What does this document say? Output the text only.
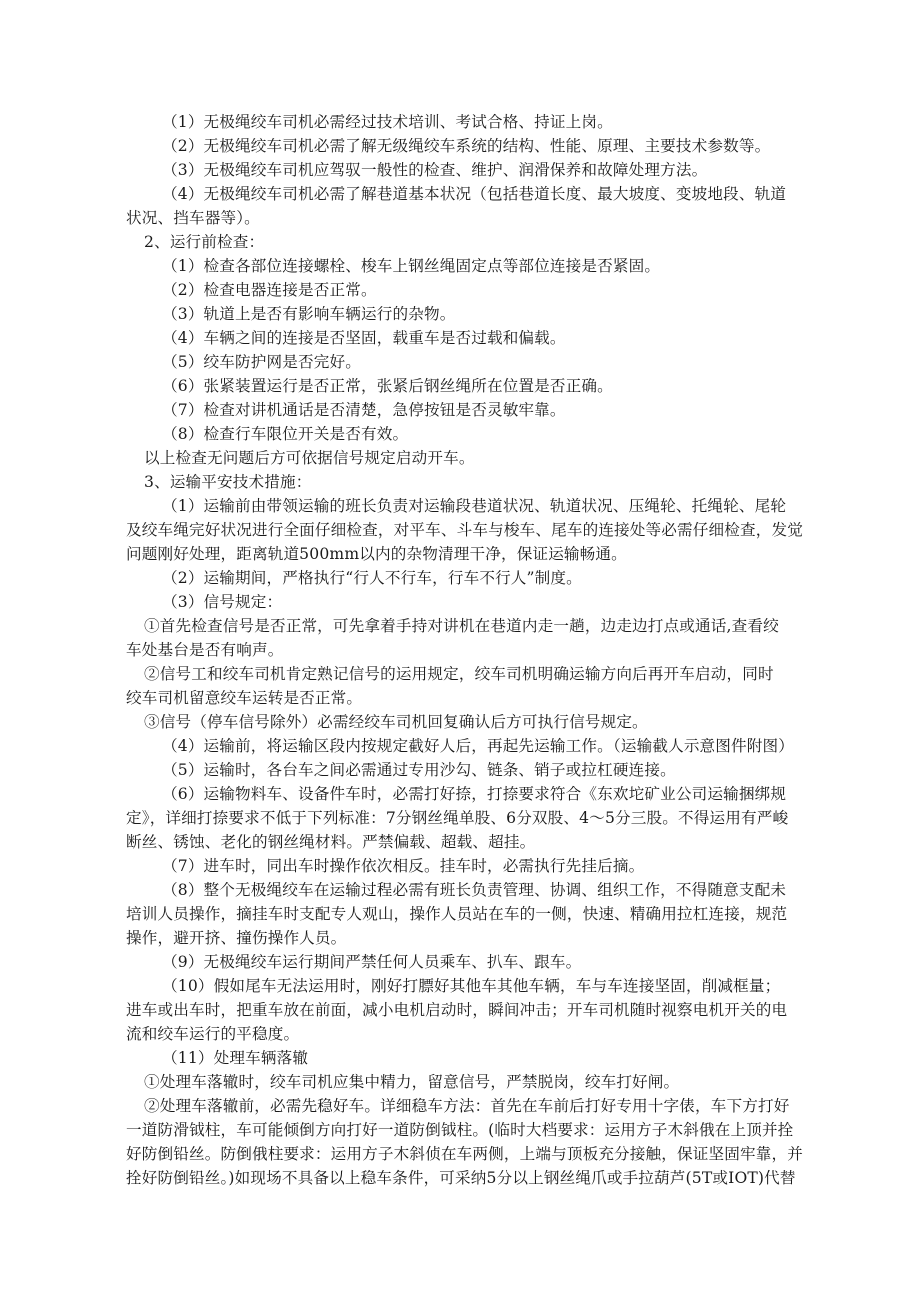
（1）无极绳绞车司机必需经过技术培训、考试合格、持证上岗。
（2）无极绳绞车司机必需了解无级绳绞车系统的结构、性能、原理、主要技术参数等。
（3）无极绳绞车司机应驾驭一般性的检查、维护、润滑保养和故障处理方法。
（4）无极绳绞车司机必需了解巷道基本状况（包括巷道长度、最大坡度、变坡地段、轨道
状况、挡车器等）。
2、运行前检查：
（1）检查各部位连接螺栓、梭车上钢丝绳固定点等部位连接是否紧固。
（2）检查电器连接是否正常。
（3）轨道上是否有影响车辆运行的杂物。
（4）车辆之间的连接是否坚固，载重车是否过载和偏载。
（5）绞车防护网是否完好。
（6）张紧装置运行是否正常，张紧后钢丝绳所在位置是否正确。
（7）检查对讲机通话是否清楚，急停按钮是否灵敏牢靠。
（8）检查行车限位开关是否有效。
以上检查无问题后方可依据信号规定启动开车。
3、运输平安技术措施：
（1）运输前由带领运输的班长负责对运输段巷道状况、轨道状况、压绳轮、托绳轮、尾轮
及绞车绳完好状况进行全面仔细检查，对平车、斗车与梭车、尾车的连接处等必需仔细检查，发觉
问题刚好处理，距离轨道500mm以内的杂物清理干净，保证运输畅通。
（2）运输期间，严格执行“行人不行车，行车不行人”制度。
（3）信号规定：
①首先检查信号是否正常，可先拿着手持对讲机在巷道内走一趟，边走边打点或通话,查看绞
车处基台是否有响声。
②信号工和绞车司机肯定熟记信号的运用规定，绞车司机明确运输方向后再开车启动，同时
绞车司机留意绞车运转是否正常。
③信号（停车信号除外）必需经绞车司机回复确认后方可执行信号规定。
（4）运输前，将运输区段内按规定截好人后，再起先运输工作。（运输截人示意图件附图）
（5）运输时，各台车之间必需通过专用沙勾、链条、销子或拉杠硬连接。
（6）运输物料车、设备件车时，必需打好捺，打捺要求符合《东欢坨矿业公司运输捆绑规
定》，详细打捺要求不低于下列标准：7分钢丝绳单股、6分双股、4～5分三股。不得运用有严峻
断丝、锈蚀、老化的钢丝绳材料。严禁偏载、超载、超挂。
（7）进车时，同出车时操作依次相反。挂车时，必需执行先挂后摘。
（8）整个无极绳绞车在运输过程必需有班长负责管理、协调、组织工作，不得随意支配未
培训人员操作，摘挂车时支配专人观山，操作人员站在车的一侧，快速、精确用拉杠连接，规范
操作，避开挤、撞伤操作人员。
（9）无极绳绞车运行期间严禁任何人员乘车、扒车、跟车。
（10）假如尾车无法运用时，刚好打膘好其他车其他车辆，车与车连接坚固，削减框量；
进车或出车时，把重车放在前面，减小电机启动时，瞬间冲击；开车司机随时视察电机开关的电
流和绞车运行的平稳度。
（11）处理车辆落辙
①处理车落辙时，绞车司机应集中精力，留意信号，严禁脱岗，绞车打好闸。
②处理车落辙前，必需先稳好车。详细稳车方法：首先在车前后打好专用十字俵，车下方打好
一道防滑钺柱，车可能倾倒方向打好一道防倒钺柱。(临时大档要求：运用方子木斜俄在上顶并拴
好防倒铅丝。防倒俄柱要求：运用方子木斜侦在车两侧，上端与顶板充分接触，保证坚固牢靠，并
拴好防倒铅丝。)如现场不具备以上稳车条件，可采纳5分以上钢丝绳爪或手拉葫芦(5T或IOT)代替
